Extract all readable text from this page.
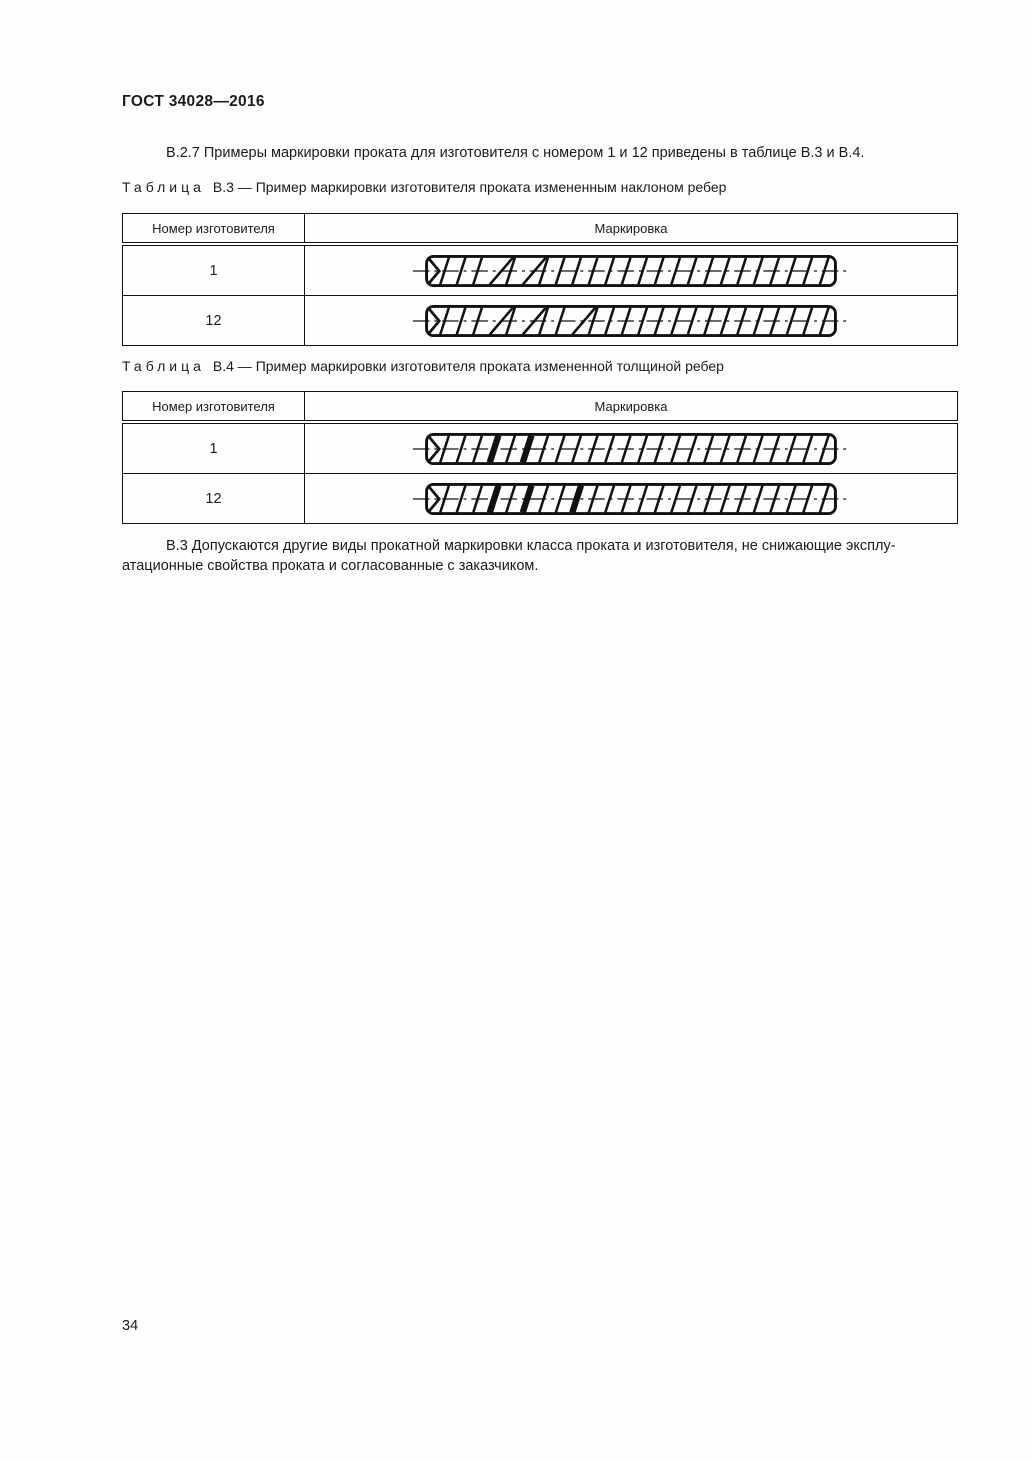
ГОСТ 34028—2016
В.2.7 Примеры маркировки проката для изготовителя с номером 1 и 12 приведены в таблице В.3 и В.4.
Таблица В.3 — Пример маркировки изготовителя проката измененным наклоном ребер
Номер изготовителя	Маркировка
1	

12	
Таблица В.4 — Пример маркировки изготовителя проката измененной толщиной ребер
Номер изготовителя	Маркировка
1	

12	
В.3 Допускаются другие виды прокатной маркировки класса проката и изготовителя, не снижающие эксплу-
атационные свойства проката и согласованные с заказчиком.
34
